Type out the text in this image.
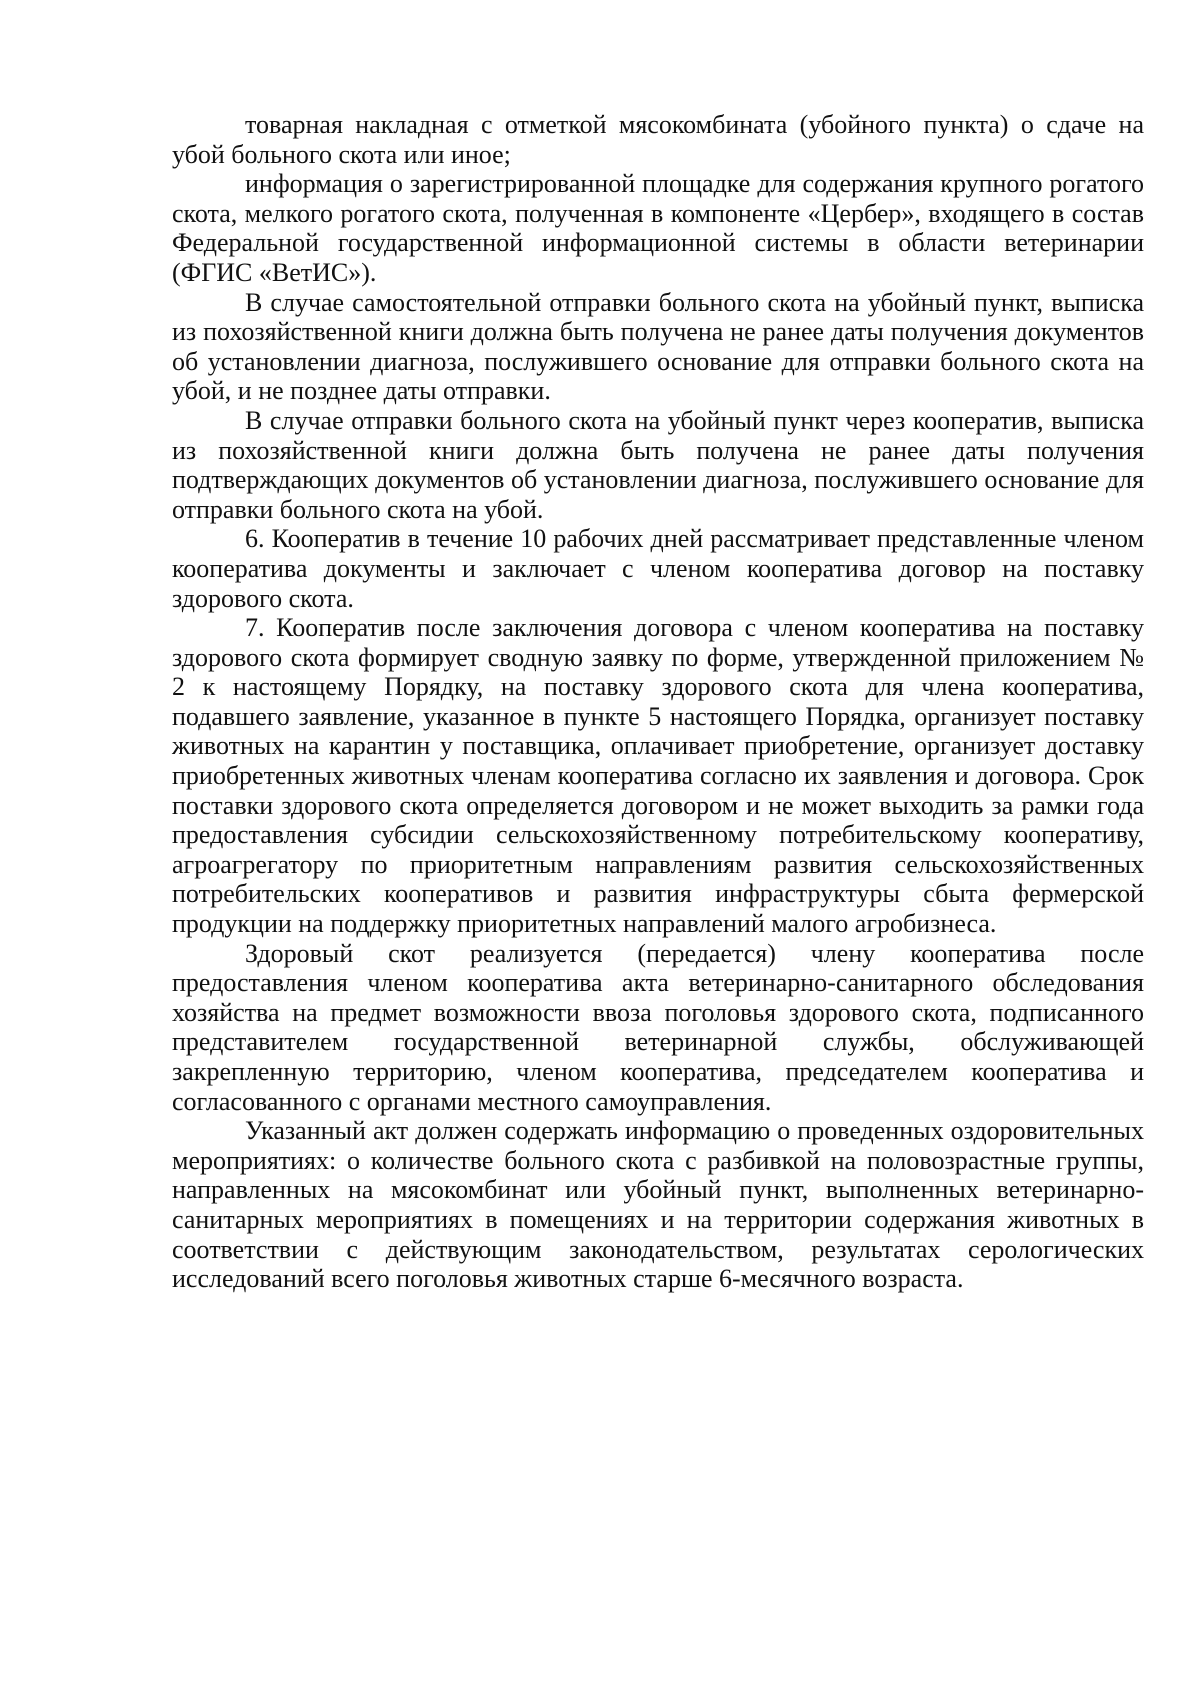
товарная накладная с отметкой мясокомбината (убойного пункта) о сдаче на убой больного скота или иное;

информация о зарегистрированной площадке для содержания крупного рогатого скота, мелкого рогатого скота, полученная в компоненте «Цербер», входящего в состав Федеральной государственной информационной системы в области ветеринарии (ФГИС «ВетИС»).

В случае самостоятельной отправки больного скота на убойный пункт, выписка из похозяйственной книги должна быть получена не ранее даты получения документов об установлении диагноза, послужившего основание для отправки больного скота на убой, и не позднее даты отправки.

В случае отправки больного скота на убойный пункт через кооператив, выписка из похозяйственной книги должна быть получена не ранее даты получения подтверждающих документов об установлении диагноза, послужившего основание для отправки больного скота на убой.

6. Кооператив в течение 10 рабочих дней рассматривает представленные членом кооператива документы и заключает с членом кооператива договор на поставку здорового скота.

7. Кооператив после заключения договора с членом кооператива на поставку здорового скота формирует сводную заявку по форме, утвержденной приложением № 2 к настоящему Порядку, на поставку здорового скота для члена кооператива, подавшего заявление, указанное в пункте 5 настоящего Порядка, организует поставку животных на карантин у поставщика, оплачивает приобретение, организует доставку приобретенных животных членам кооператива согласно их заявления и договора. Срок поставки здорового скота определяется договором и не может выходить за рамки года предоставления субсидии сельскохозяйственному потребительскому кооперативу, агроагрегатору по приоритетным направлениям развития сельскохозяйственных потребительских кооперативов и развития инфраструктуры сбыта фермерской продукции на поддержку приоритетных направлений малого агробизнеса.

Здоровый скот реализуется (передается) члену кооператива после предоставления членом кооператива акта ветеринарно-санитарного обследования хозяйства на предмет возможности ввоза поголовья здорового скота, подписанного представителем государственной ветеринарной службы, обслуживающей закрепленную территорию, членом кооператива, председателем кооператива и согласованного с органами местного самоуправления.

Указанный акт должен содержать информацию о проведенных оздоровительных мероприятиях: о количестве больного скота с разбивкой на половозрастные группы, направленных на мясокомбинат или убойный пункт, выполненных ветеринарно-санитарных мероприятиях в помещениях и на территории содержания животных в соответствии с действующим законодательством, результатах серологических исследований всего поголовья животных старше 6-месячного возраста.
